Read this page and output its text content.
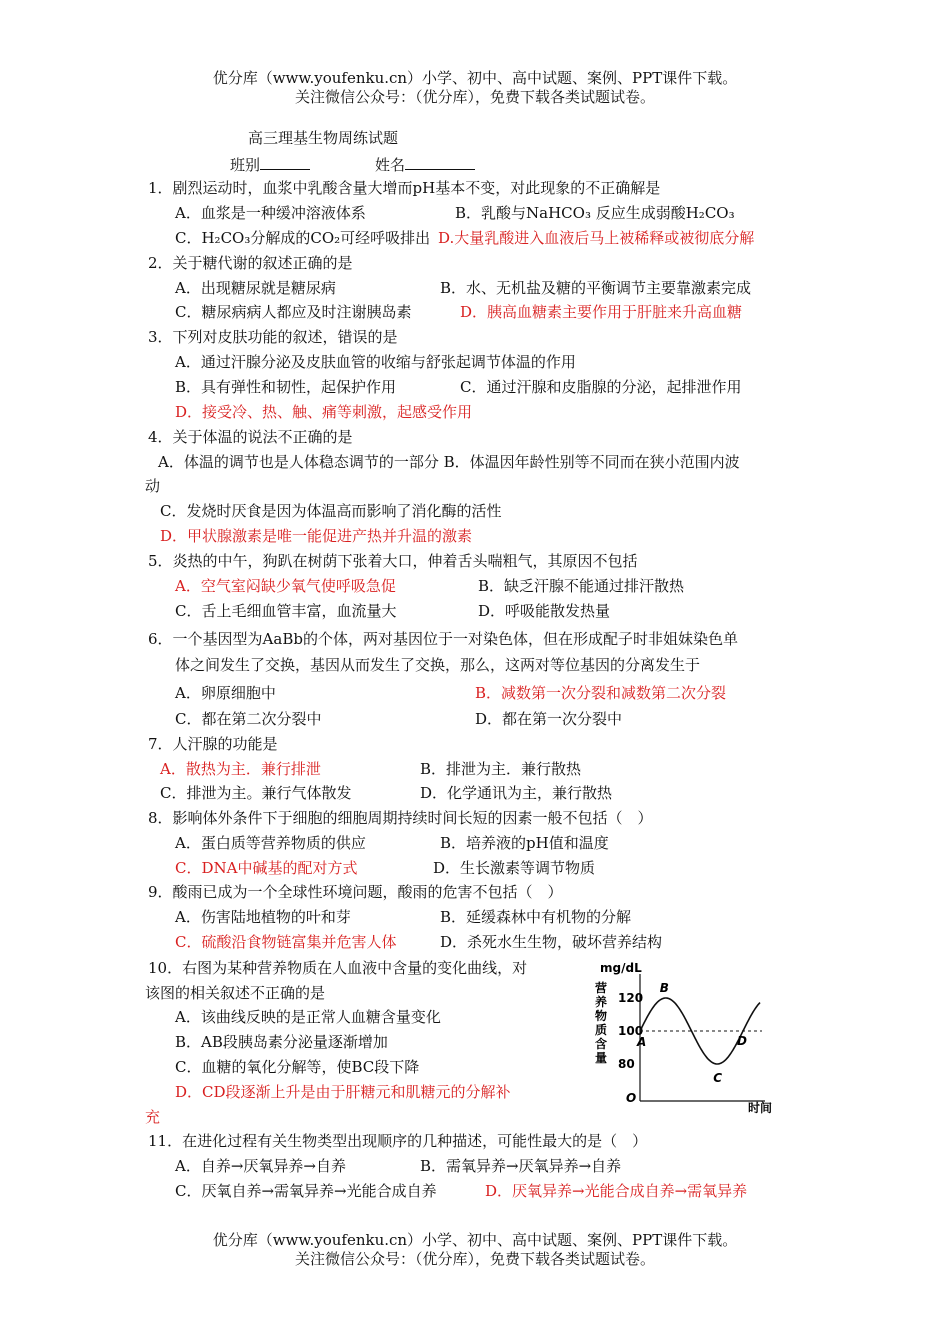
优分库（www.youfenku.cn）小学、初中、高中试题、案例、PPT课件下载。
关注微信公众号：（优分库），免费下载各类试题试卷。
高三理基生物周练试题
班别	姓名
1．剧烈运动时，血浆中乳酸含量大增而pH基本不变，对此现象的不正确解是
A．血浆是一种缓冲溶液体系	B．乳酸与NaHCO₃ 反应生成弱酸H₂CO₃
C．H₂CO₃分解成的CO₂可经呼吸排出 D.大量乳酸进入血液后马上被稀释或被彻底分解
2．关于糖代谢的叙述正确的是
A．出现糖尿就是糖尿病	B．水、无机盐及糖的平衡调节主要靠激素完成
C．糖尿病病人都应及时注谢胰岛素	D．胰高血糖素主要作用于肝脏来升高血糖
3．下列对皮肤功能的叙述，错误的是
A．通过汗腺分泌及皮肤血管的收缩与舒张起调节体温的作用
B．具有弹性和韧性，起保护作用	C．通过汗腺和皮脂腺的分泌，起排泄作用
D．接受冷、热、触、痛等刺激，起感受作用
4．关于体温的说法不正确的是
A．体温的调节也是人体稳态调节的一部分 B．体温因年龄性别等不同而在狭小范围内波
动
C．发烧时厌食是因为体温高而影响了消化酶的活性
D．甲状腺激素是唯一能促进产热并升温的激素
5．炎热的中午，狗趴在树荫下张着大口，伸着舌头喘粗气，其原因不包括
A．空气室闷缺少氧气使呼吸急促	B．缺乏汗腺不能通过排汗散热
C．舌上毛细血管丰富，血流量大	D．呼吸能散发热量
6．一个基因型为AaBb的个体，两对基因位于一对染色体，但在形成配子时非姐妹染色单
体之间发生了交换，基因从而发生了交换，那么，这两对等位基因的分离发生于
A．卵原细胞中	B．减数第一次分裂和减数第二次分裂
C．都在第二次分裂中	D．都在第一次分裂中
7．人汗腺的功能是
A．散热为主．兼行排泄	B．排泄为主．兼行散热
C．排泄为主。兼行气体散发	D．化学通讯为主，兼行散热
8．影响体外条件下于细胞的细胞周期持续时间长短的因素一般不包括（　）
A．蛋白质等营养物质的供应	B．培养液的pH值和温度
C．DNA中碱基的配对方式	D．生长激素等调节物质
9．酸雨已成为一个全球性环境问题，酸雨的危害不包括（　）
A．伤害陆地植物的叶和芽	B．延缓森林中有机物的分解
C．硫酸沿食物链富集并危害人体	D．杀死水生生物，破坏营养结构
10．右图为某种营养物质在人血液中含量的变化曲线，对
该图的相关叙述不正确的是
A．该曲线反映的是正常人血糖含量变化
B．AB段胰岛素分泌量逐渐增加
C．血糖的氧化分解等，使BC段下降
D．CD段逐渐上升是由于肝糖元和肌糖元的分解补
充
mg/dL
营
养
物
质
含
量
O
时间
120
100
80
A
B
C
D
11．在进化过程有关生物类型出现顺序的几种描述，可能性最大的是（　）
A．自养→厌氧异养→自养	B．需氧异养→厌氧异养→自养
C．厌氧自养→需氧异养→光能合成自养	D．厌氧异养→光能合成自养→需氧异养
优分库（www.youfenku.cn）小学、初中、高中试题、案例、PPT课件下载。
关注微信公众号：（优分库），免费下载各类试题试卷。
